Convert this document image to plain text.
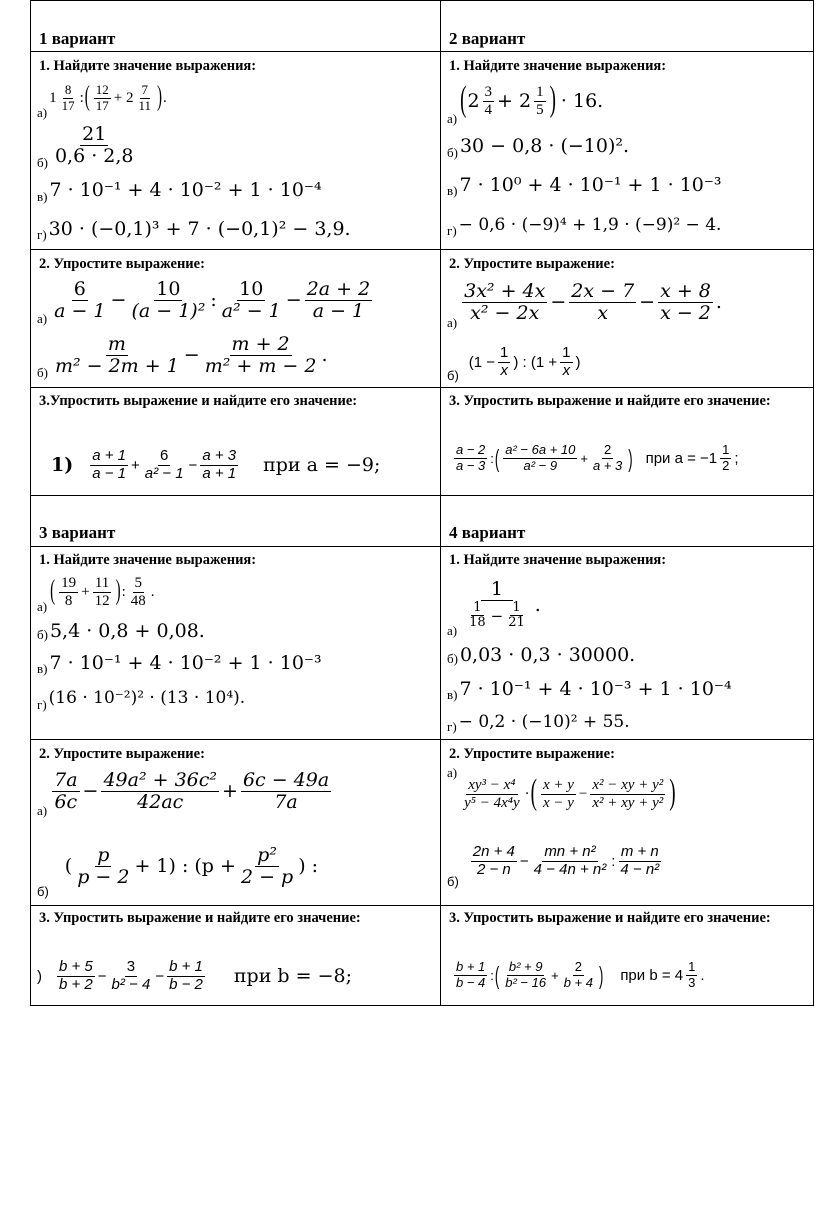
1 вариант
1. Найдите значение выражения:
а)
1 8
17 : ( 12
17 + 2 7
11 ) .
б)
21
0,6 · 2,8
в) 7 · 10⁻¹ + 4 · 10⁻² + 1 · 10⁻⁴
г) 30 · (−0,1)³ + 7 · (−0,1)² − 3,9.
2. Упростите выражение:
а)
6
$a - 1 - \frac{10}{\text{(a − 1)²}}$ :
10
$a^2 - 1 - \frac{2a + 2}{a - 1}$
б)
m
$m^2 - 2m + 1 - \frac{m + 2}{\text{m² + m − 2}}$ .
3.Упростить выражение и найдите его значение:
1) a + 1
$a - 1 + \frac{6}{\text{a² − 1}} - \frac{a + 3}{a + 1}$ при a = −9;
2 вариант
1. Найдите значение выражения:
а) ( 2 3
4 + 2 1
5 ) · 16.
б) 30 − 0,8 · (−10)².
в) 7 · 10⁰ + 4 · 10⁻¹ + 1 · 10⁻³
г) − 0,6 · (−9)⁴ + 1,9 · (−9)² − 4.
2. Упростите выражение:
а)
3x² + 4x
$x^2 - 2x - \frac{2x - 7}{x} - \frac{x + 8}{x - 2}$ .
б)
($1 - \frac{1}{x}$ ) : ($1 + \frac{1}{x}$ )
3. Упростить выражение и найдите его значение:
a − 2
a − 3 : ( a² − 6a + 10
$a^2 - 9 + \frac{2}{a + 3}$ ) при a = −1 1
2 ;
3 вариант
1. Найдите значение выражения:
а)
( 19
8
+ $\frac{11}{12}$ ) :
5
48
.
б) 5,4 · 0,8 + 0,08.
в) 7 · 10⁻¹ + 4 · 10⁻² + 1 · 10⁻³
г) (16 · 10⁻²)² · (13 · 10⁴).
2. Упростите выражение:
а)
7a
$6c - \frac{\text{49a² + 36c²}}{42ac} + \frac{6c - 49a}{7a}$
б)
(
p
p − 2 + 1) : ($p + \frac{\text{p²}}{2 - p}$ ) :
3. Упростить выражение и найдите его значение:
)
b + 5
$b + 2 - \frac{3}{\text{b² − 4}} - \frac{b + 1}{b - 2}$ при b = −8;
4 вариант
1. Найдите значение выражения:
а)
1
1
$18 - \frac{1}{21}$ .
б) 0,03 · 0,3 · 30000.
в) 7 · 10⁻¹ + 4 · 10⁻³ + 1 · 10⁻⁴
г) − 0,2 · (−10)² + 55.
2. Упростите выражение:
а)
xy³ − x⁴
y⁵ − 4x⁴y
· ( x + y
x − y
− $\frac{\text{x² − xy + y²}}{\text{x² + xy + y²}}$ )
б)
2n + 4
$2 - n - \frac{\text{mn + n²}}{\text{4 − 4n + n²}}$ :
m + n
4 − n²
3. Упростить выражение и найдите его значение:
b + 1
b − 4 : ( b² + 9
$b^2 - 16 + \frac{2}{b + 4}$ ) при b = 4 1
3 .
